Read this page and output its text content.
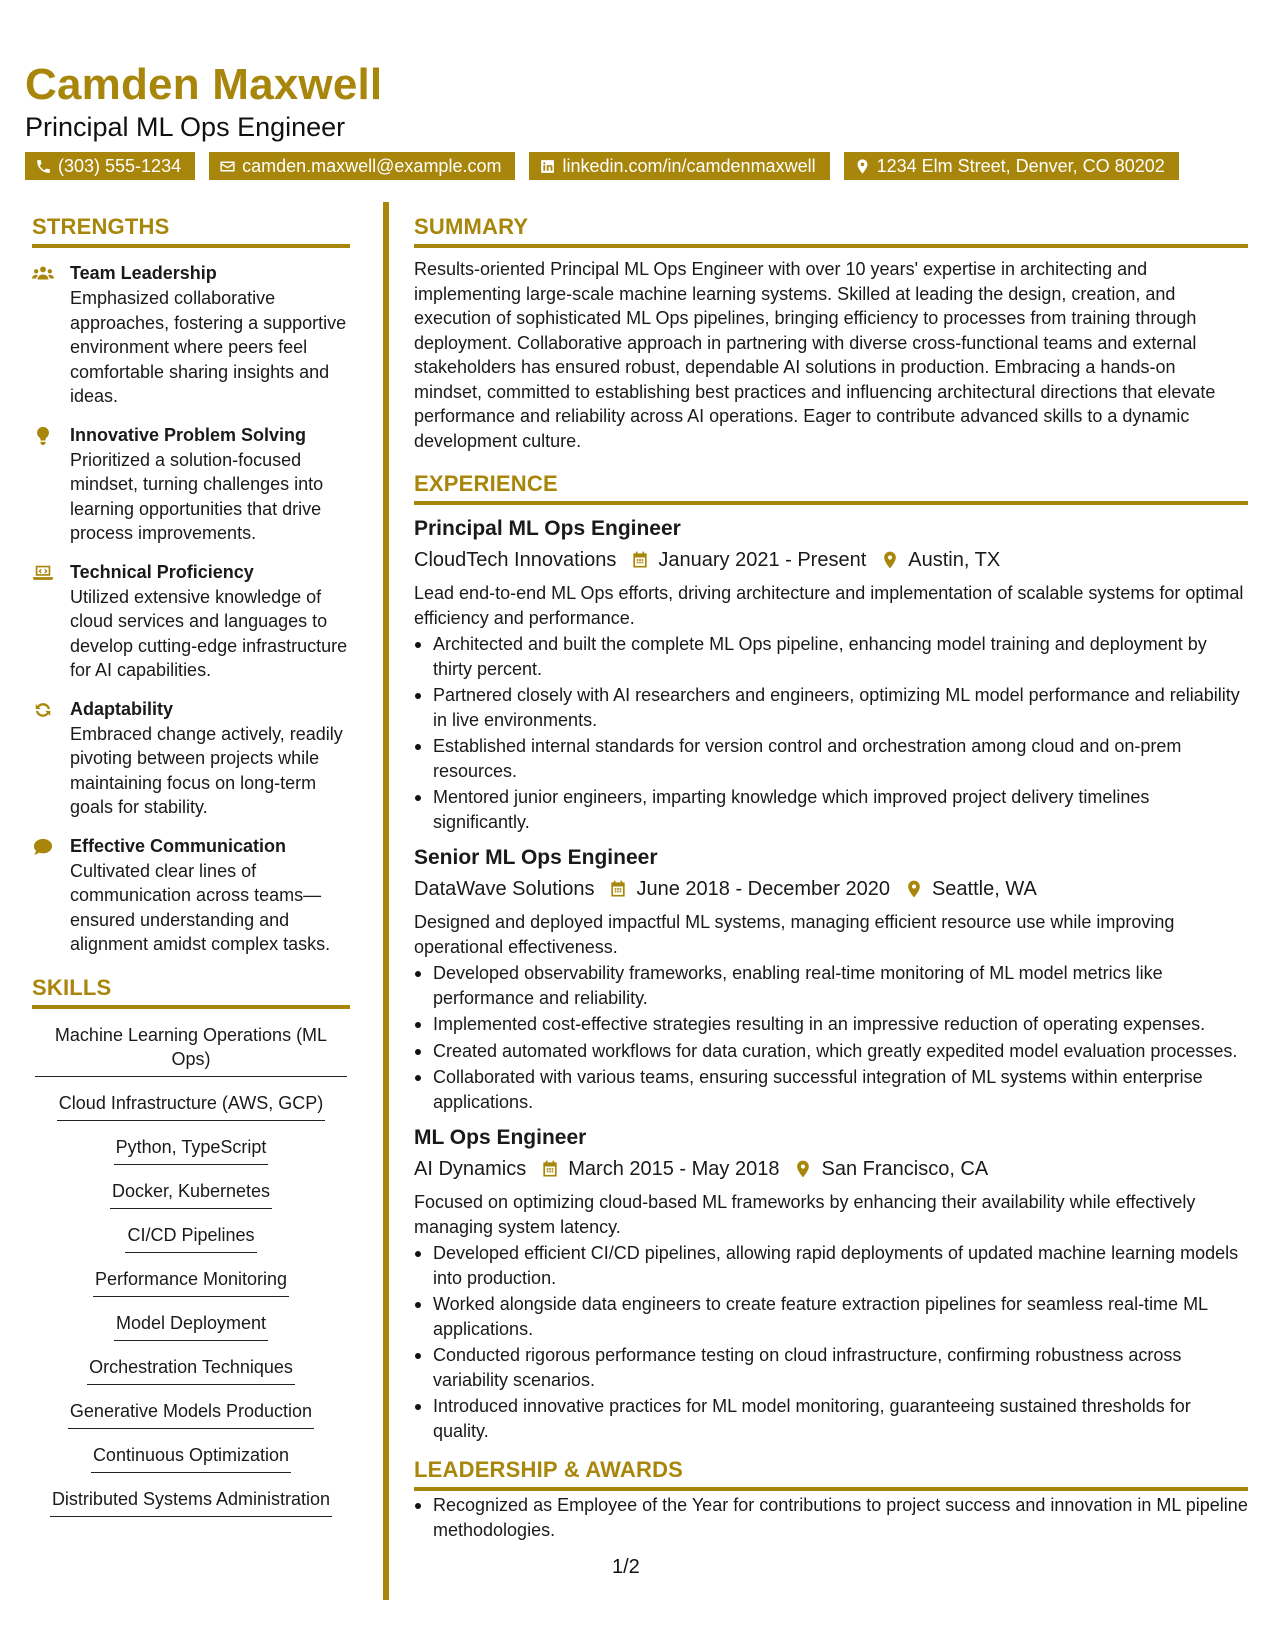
Camden Maxwell
Principal ML Ops Engineer
(303) 555-1234	camden.maxwell@example.com	linkedin.com/in/camdenmaxwell	1234 Elm Street, Denver, CO 80202
STRENGTHS
Team Leadership
Emphasized collaborative approaches, fostering a supportive environment where peers feel comfortable sharing insights and ideas.
Innovative Problem Solving
Prioritized a solution-focused mindset, turning challenges into learning opportunities that drive process improvements.
Technical Proficiency
Utilized extensive knowledge of cloud services and languages to develop cutting-edge infrastructure for AI capabilities.
Adaptability
Embraced change actively, readily pivoting between projects while maintaining focus on long-term goals for stability.
Effective Communication
Cultivated clear lines of communication across teams—ensured understanding and alignment amidst complex tasks.
SKILLS
Machine Learning Operations (ML Ops)
Cloud Infrastructure (AWS, GCP)
Python, TypeScript
Docker, Kubernetes
CI/CD Pipelines
Performance Monitoring
Model Deployment
Orchestration Techniques
Generative Models Production
Continuous Optimization
Distributed Systems Administration
SUMMARY
Results-oriented Principal ML Ops Engineer with over 10 years' expertise in architecting and implementing large-scale machine learning systems. Skilled at leading the design, creation, and execution of sophisticated ML Ops pipelines, bringing efficiency to processes from training through deployment. Collaborative approach in partnering with diverse cross-functional teams and external stakeholders has ensured robust, dependable AI solutions in production. Embracing a hands-on mindset, committed to establishing best practices and influencing architectural directions that elevate performance and reliability across AI operations. Eager to contribute advanced skills to a dynamic development culture.
EXPERIENCE
Principal ML Ops Engineer
CloudTech Innovations January 2021 - Present Austin, TX
Lead end-to-end ML Ops efforts, driving architecture and implementation of scalable systems for optimal efficiency and performance.
Architected and built the complete ML Ops pipeline, enhancing model training and deployment by thirty percent.
Partnered closely with AI researchers and engineers, optimizing ML model performance and reliability in live environments.
Established internal standards for version control and orchestration among cloud and on-prem resources.
Mentored junior engineers, imparting knowledge which improved project delivery timelines significantly.
Senior ML Ops Engineer
DataWave Solutions June 2018 - December 2020 Seattle, WA
Designed and deployed impactful ML systems, managing efficient resource use while improving operational effectiveness.
Developed observability frameworks, enabling real-time monitoring of ML model metrics like performance and reliability.
Implemented cost-effective strategies resulting in an impressive reduction of operating expenses.
Created automated workflows for data curation, which greatly expedited model evaluation processes.
Collaborated with various teams, ensuring successful integration of ML systems within enterprise applications.
ML Ops Engineer
AI Dynamics March 2015 - May 2018 San Francisco, CA
Focused on optimizing cloud-based ML frameworks by enhancing their availability while effectively managing system latency.
Developed efficient CI/CD pipelines, allowing rapid deployments of updated machine learning models into production.
Worked alongside data engineers to create feature extraction pipelines for seamless real-time ML applications.
Conducted rigorous performance testing on cloud infrastructure, confirming robustness across variability scenarios.
Introduced innovative practices for ML model monitoring, guaranteeing sustained thresholds for quality.
LEADERSHIP & AWARDS
Recognized as Employee of the Year for contributions to project success and innovation in ML pipeline methodologies.
1/2
